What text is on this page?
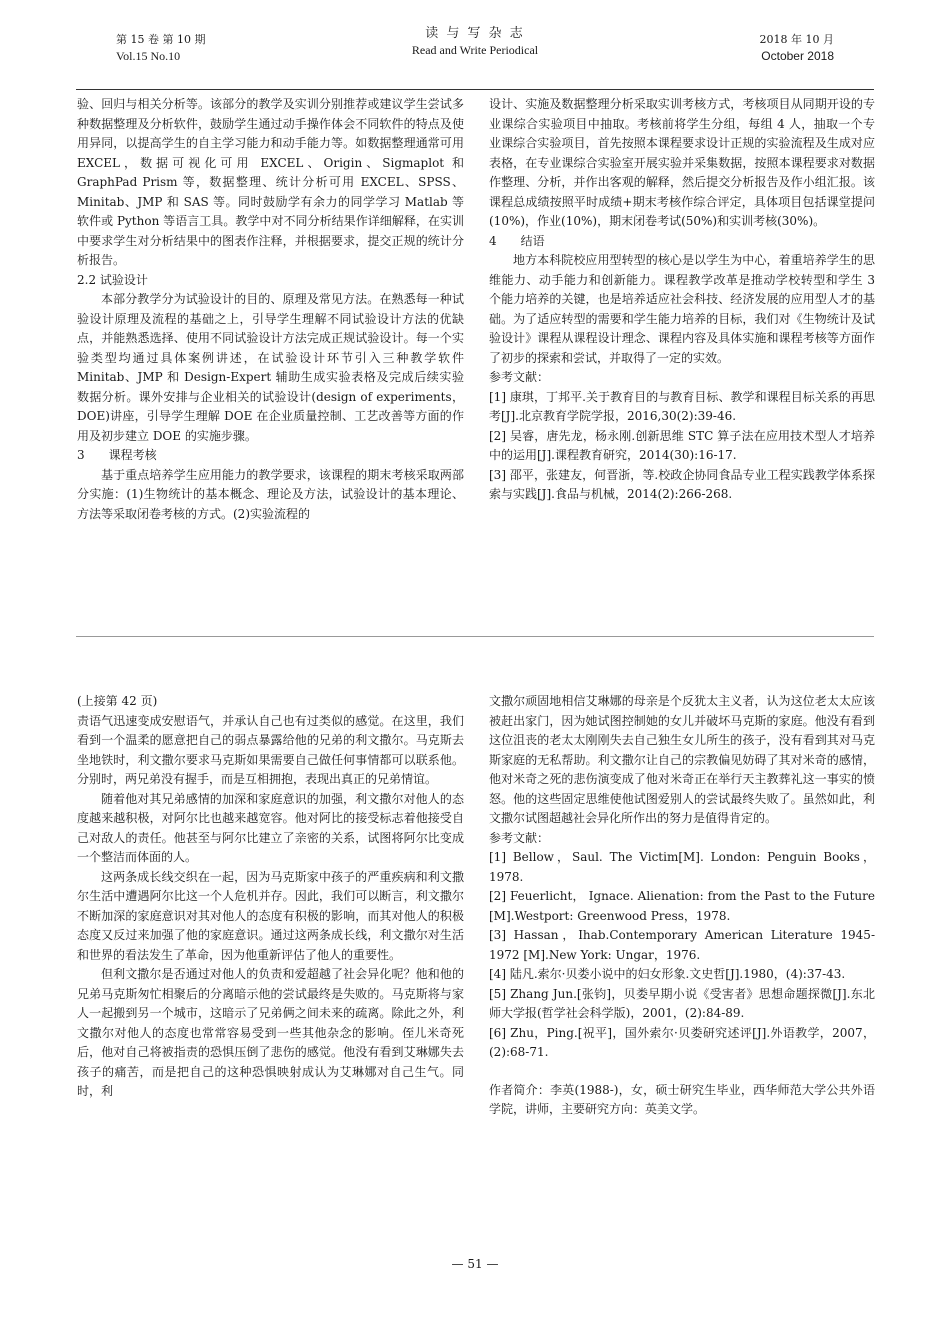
第 15 卷 第 10 期
Vol.15 No.10
读 与 写 杂 志
Read and Write Periodical
2018 年 10 月
October 2018

验、回归与相关分析等。该部分的教学及实训分别推荐或建议学生尝试多种数据整理及分析软件，鼓励学生通过动手操作体会不同软件的特点及使用异同，以提高学生的自主学习能力和动手能力等。如数据整理通常可用 EXCEL，数据可视化可用 EXCEL、Origin、Sigmaplot 和 GraphPad Prism 等，数据整理、统计分析可用 EXCEL、SPSS、Minitab、JMP 和 SAS 等。同时鼓励学有余力的同学学习 Matlab 等软件或 Python 等语言工具。教学中对不同分析结果作详细解释，在实训中要求学生对分析结果中的图表作注释，并根据要求，提交正规的统计分析报告。

2.2 试验设计

本部分教学分为试验设计的目的、原理及常见方法。在熟悉每一种试验设计原理及流程的基础之上，引导学生理解不同试验设计方法的优缺点，并能熟悉选择、使用不同试验设计方法完成正规试验设计。每一个实验类型均通过具体案例讲述，在试验设计环节引入三种教学软件 Minitab、JMP 和 Design-Expert 辅助生成实验表格及完成后续实验数据分析。课外安排与企业相关的试验设计(design of experiments，DOE)讲座，引导学生理解 DOE 在企业质量控制、工艺改善等方面的作用及初步建立 DOE 的实施步骤。

3　　课程考核

基于重点培养学生应用能力的教学要求，该课程的期末考核采取两部分实施：(1)生物统计的基本概念、理论及方法，试验设计的基本理论、方法等采取闭卷考核的方式。(2)实验流程的

设计、实施及数据整理分析采取实训考核方式，考核项目从同期开设的专业课综合实验项目中抽取。考核前将学生分组，每组 4 人，抽取一个专业课综合实验项目，首先按照本课程要求设计正规的实验流程及生成对应表格，在专业课综合实验室开展实验并采集数据，按照本课程要求对数据作整理、分析，并作出客观的解释，然后提交分析报告及作小组汇报。该课程总成绩按照平时成绩+期末考核作综合评定，具体项目包括课堂提问(10%)，作业(10%)，期末闭卷考试(50%)和实训考核(30%)。

4　　结语

地方本科院校应用型转型的核心是以学生为中心，着重培养学生的思维能力、动手能力和创新能力。课程教学改革是推动学校转型和学生 3 个能力培养的关键，也是培养适应社会科技、经济发展的应用型人才的基础。为了适应转型的需要和学生能力培养的目标，我们对《生物统计及试验设计》课程从课程设计理念、课程内容及具体实施和课程考核等方面作了初步的探索和尝试，并取得了一定的实效。

参考文献：

[1] 康琪，丁邦平.关于教育目的与教育目标、教学和课程目标关系的再思考[J].北京教育学院学报，2016,30(2):39-46.

[2] 吴睿，唐先龙，杨永刚.创新思维 STC 算子法在应用技术型人才培养中的运用[J].课程教育研究，2014(30):16-17.

[3] 邵平，张建友，何晋浙，等.校政企协同食品专业工程实践教学体系探索与实践[J].食品与机械，2014(2):266-268.

(上接第 42 页)

责语气迅速变成安慰语气，并承认自己也有过类似的感觉。在这里，我们看到一个温柔的愿意把自己的弱点暴露给他的兄弟的利文撒尔。马克斯去坐地铁时，利文撒尔要求马克斯如果需要自己做任何事情都可以联系他。分别时，两兄弟没有握手，而是互相拥抱，表现出真正的兄弟情谊。

随着他对其兄弟感情的加深和家庭意识的加强，利文撒尔对他人的态度越来越积极，对阿尔比也越来越宽容。他对阿比的接受标志着他接受自己对敌人的责任。他甚至与阿尔比建立了亲密的关系，试图将阿尔比变成一个整洁而体面的人。

这两条成长线交织在一起，因为马克斯家中孩子的严重疾病和利文撒尔生活中遭遇阿尔比这一个人危机并存。因此，我们可以断言，利文撒尔不断加深的家庭意识对其对他人的态度有积极的影响，而其对他人的积极态度又反过来加强了他的家庭意识。通过这两条成长线，利文撒尔对生活和世界的看法发生了革命，因为他重新评估了他人的重要性。

但利文撒尔是否通过对他人的负责和爱超越了社会异化呢？他和他的兄弟马克斯匆忙相聚后的分离暗示他的尝试最终是失败的。马克斯将与家人一起搬到另一个城市，这暗示了兄弟俩之间未来的疏离。除此之外，利文撒尔对他人的态度也常常容易受到一些其他杂念的影响。侄儿米奇死后，他对自己将被指责的恐惧压倒了悲伤的感觉。他没有看到艾琳娜失去孩子的痛苦，而是把自己的这种恐惧映射成认为艾琳娜对自己生气。同时，利

文撒尔顽固地相信艾琳娜的母亲是个反犹太主义者，认为这位老太太应该被赶出家门，因为她试图控制她的女儿并破坏马克斯的家庭。他没有看到这位沮丧的老太太刚刚失去自己独生女儿所生的孩子，没有看到其对马克斯家庭的无私帮助。利文撒尔让自己的宗教偏见妨碍了其对米奇的感情，他对米奇之死的悲伤演变成了他对米奇正在举行天主教葬礼这一事实的愤怒。他的这些固定思维使他试图爱别人的尝试最终失败了。虽然如此，利文撒尔试图超越社会异化所作出的努力是值得肯定的。

参考文献：

[1] Bellow，Saul. The Victim[M]. London: Penguin Books，1978.

[2] Feuerlicht， Ignace. Alienation: from the Past to the Future [M].Westport: Greenwood Press，1978.

[3] Hassan，Ihab.Contemporary American Literature 1945-1972 [M].New York: Ungar，1976.

[4] 陆凡.索尔·贝娄小说中的妇女形象.文史哲[J].1980，(4):37-43.

[5] Zhang Jun.[张钧]，贝娄早期小说《受害者》思想命题探微[J].东北师大学报(哲学社会科学版)，2001，(2):84-89.

[6] Zhu，Ping.[祝平]，国外索尔·贝娄研究述评[J].外语教学，2007，(2):68-71.

作者简介：李英(1988-)，女，硕士研究生毕业，西华师范大学公共外语学院，讲师，主要研究方向：英美文学。

— 51 —
